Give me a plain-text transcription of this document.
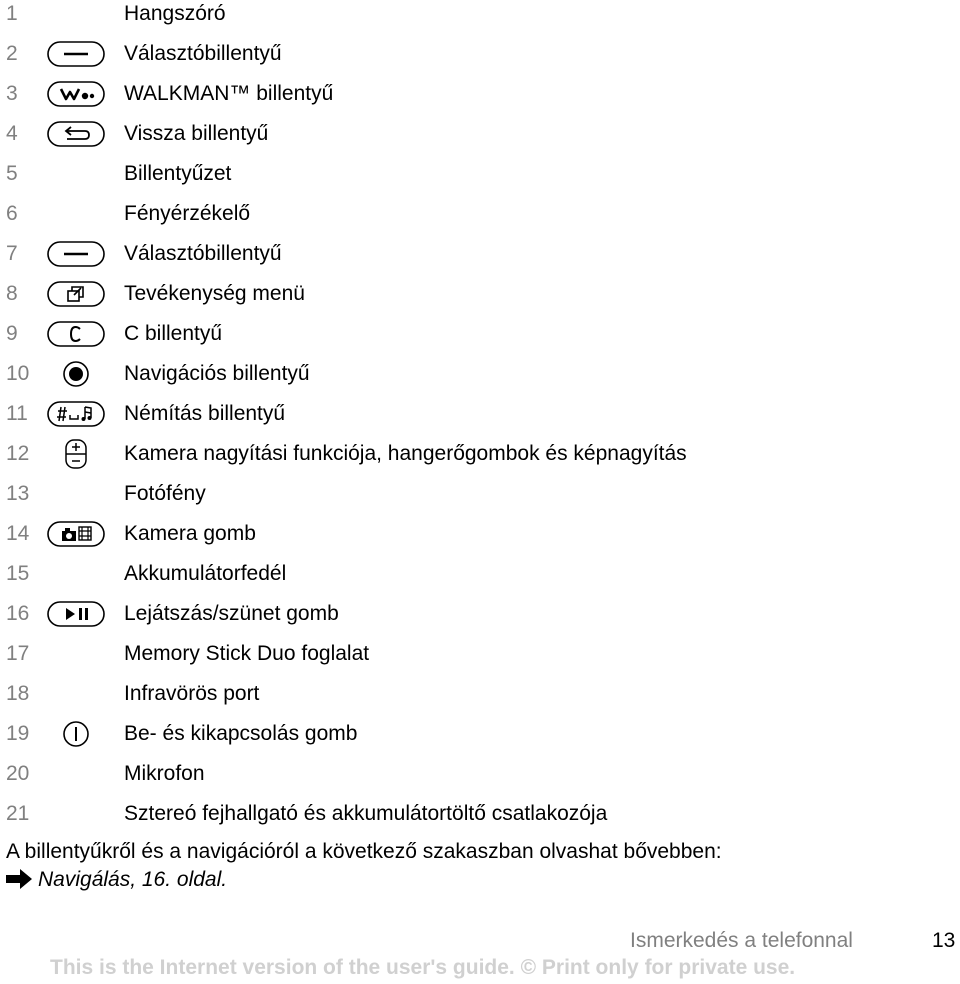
1	Hangszóró
2	Választóbillentyű
3	WALKMAN™ billentyű
4	Vissza billentyű
5	Billentyűzet
6	Fényérzékelő
7	Választóbillentyű
8	Tevékenység menü
9	C billentyű
10	Navigációs billentyű
11	Némítás billentyű
12	Kamera nagyítási funkciója, hangerőgombok és képnagyítás
13	Fotófény
14	Kamera gomb
15	Akkumulátorfedél
16	Lejátszás/szünet gomb
17	Memory Stick Duo foglalat
18	Infravörös port
19	Be- és kikapcsolás gomb
20	Mikrofon
21	Sztereó fejhallgató és akkumulátortöltő csatlakozója
A billentyűkről és a navigációról a következő szakaszban olvashat bővebben:
Navigálás, 16. oldal.
Ismerkedés a telefonnal	13
This is the Internet version of the user's guide. © Print only for private use.
